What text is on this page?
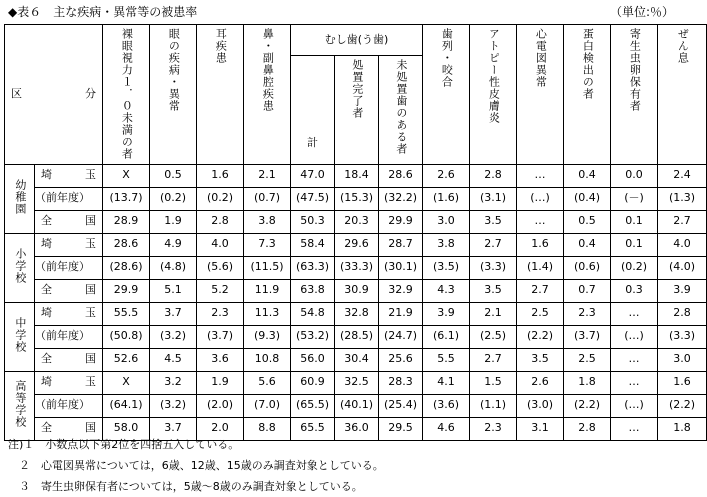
◆表６　主な疾病・異常等の被患率	（単位:％）
区		分	裸眼視力１．０未満の者	眼の疾病・異常	耳疾患	鼻・副鼻腔疾患	むし歯(う歯)			歯列・咬合	アトピー性皮膚炎	心電図異常	蛋白検出の者	寄生虫卵保有者	ぜん息
							計	処置完了者	未処置歯のある者						
幼稚園	埼	玉	X	0.5	1.6	2.1	47.0	18.4	28.6	2.6	2.8	…	0.4	0.0	2.4
	（前年度）		(13.7)	(0.2)	(0.2)	(0.7)	(47.5)	(15.3)	(32.2)	(1.6)	(3.1)	(…)	(0.4)	(－)	(1.3)
	全	国	28.9	1.9	2.8	3.8	50.3	20.3	29.9	3.0	3.5	…	0.5	0.1	2.7
小学校	埼	玉	28.6	4.9	4.0	7.3	58.4	29.6	28.7	3.8	2.7	1.6	0.4	0.1	4.0
	（前年度）		(28.6)	(4.8)	(5.6)	(11.5)	(63.3)	(33.3)	(30.1)	(3.5)	(3.3)	(1.4)	(0.6)	(0.2)	(4.0)
	全	国	29.9	5.1	5.2	11.9	63.8	30.9	32.9	4.3	3.5	2.7	0.7	0.3	3.9
中学校	埼	玉	55.5	3.7	2.3	11.3	54.8	32.8	21.9	3.9	2.1	2.5	2.3	…	2.8
	（前年度）		(50.8)	(3.2)	(3.7)	(9.3)	(53.2)	(28.5)	(24.7)	(6.1)	(2.5)	(2.2)	(3.7)	(…)	(3.3)
	全	国	52.6	4.5	3.6	10.8	56.0	30.4	25.6	5.5	2.7	3.5	2.5	…	3.0
高等学校	埼	玉	X	3.2	1.9	5.6	60.9	32.5	28.3	4.1	1.5	2.6	1.8	…	1.6
	（前年度）		(64.1)	(3.2)	(2.0)	(7.0)	(65.5)	(40.1)	(25.4)	(3.6)	(1.1)	(3.0)	(2.2)	(…)	(2.2)
	全	国	58.0	3.7	2.0	8.8	65.5	36.0	29.5	4.6	2.3	3.1	2.8	…	1.8
注)１　小数点以下第2位を四捨五入している。
　２　心電図異常については，6歳、12歳、15歳のみ調査対象としている。
　３　寄生虫卵保有者については，5歳～8歳のみ調査対象としている。
